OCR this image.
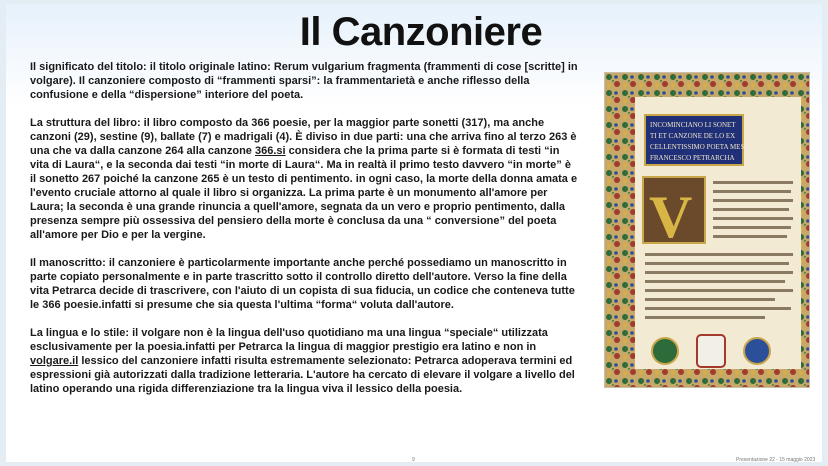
Il Canzoniere

Il significato del titolo: il titolo originale latino: Rerum vulgarium fragmenta (frammenti di cose [scritte] in volgare). Il canzoniere composto di “frammenti sparsi”: la frammentarietà e anche riflesso della confusione e della “dispersione” interiore del poeta.

La struttura del libro: il libro composto da 366 poesie, per la maggior parte sonetti (317), ma anche canzoni (29), sestine (9), ballate (7) e madrigali (4). È diviso in due parti: una che arriva fino al terzo 263 è una che va dalla canzone 264 alla canzone 366.si considera che la prima parte si è formata di testi “in vita di Laura“, e la seconda dai testi “in morte di Laura“. Ma in realtà il primo testo davvero “in morte” è il sonetto 267 poiché la canzone 265 è un testo di pentimento. in ogni caso, la morte della donna amata e l'evento cruciale attorno al quale il libro si organizza. La prima parte è un monumento all'amore per Laura; la seconda è una grande rinuncia a quell'amore, segnata da un vero e proprio pentimento, dalla presenza sempre più ossessiva del pensiero della morte è conclusa da una “ conversione” del poeta all'amore per Dio e per la vergine.

Il manoscritto: il canzoniere è particolarmente importante anche perché possediamo un manoscritto in parte copiato personalmente e in parte trascritto sotto il controllo diretto dell'autore. Verso la fine della vita Petrarca decide di trascrivere, con l'aiuto di un copista di sua fiducia, un codice che conteneva tutte le 366 poesie.infatti si presume che sia questa l'ultima “forma“ voluta dall'autore.

La lingua e lo stile: il volgare non è la lingua dell'uso quotidiano ma una lingua “speciale“ utilizzata esclusivamente per la poesia.infatti per Petrarca la lingua di maggior prestigio era latino e non in volgare.il lessico del canzoniere infatti risulta estremamente selezionato: Petrarca adoperava termini ed espressioni già autorizzati dalla tradizione letteraria. L'autore ha cercato di elevare il volgare a livello del latino operando una rigida differenziazione tra la lingua viva il lessico della poesia.

INCOMINCIANO LI SONET
TI ET CANZONE DE LO EX
CELLENTISSIMO POETA MES
FRANCESCO PETRARCHA
V
9	Presentazione 22 - 15 maggio 2023
